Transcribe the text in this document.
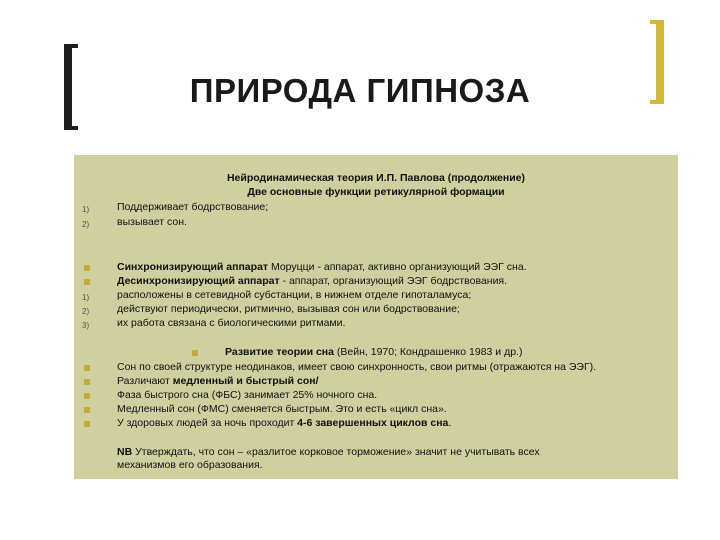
ПРИРОДА ГИПНОЗА
Нейродинамическая теория И.П. Павлова (продолжение)
Две основные функции ретикулярной формации
1)	Поддерживает бодрствование;
2)	вызывает сон.
Синхронизирующий аппарат Моруцци - аппарат, активно организующий ЭЭГ сна.
Десинхронизирующий аппарат - аппарат, организующий ЭЭГ бодрствования.
1)	расположены в сетевидной субстанции, в нижнем отделе гипоталамуса;
2)	действуют периодически, ритмично, вызывая сон или бодрствование;
3)	их работа связана с биологическими ритмами.
Развитие теории сна (Вейн, 1970; Кондрашенко 1983 и др.)
Сон по своей структуре неодинаков, имеет свою синхронность, свои ритмы (отражаются на ЭЭГ).
Различают медленный и быстрый сон/
Фаза быстрого сна (ФБС) занимает 25% ночного сна.
Медленный сон (ФМС) сменяется быстрым. Это и есть «цикл сна».
У здоровых людей за ночь проходит 4-6 завершенных циклов сна.
NB Утверждать, что сон – «разлитое корковое торможение» значит не учитывать всех
механизмов его образования.
